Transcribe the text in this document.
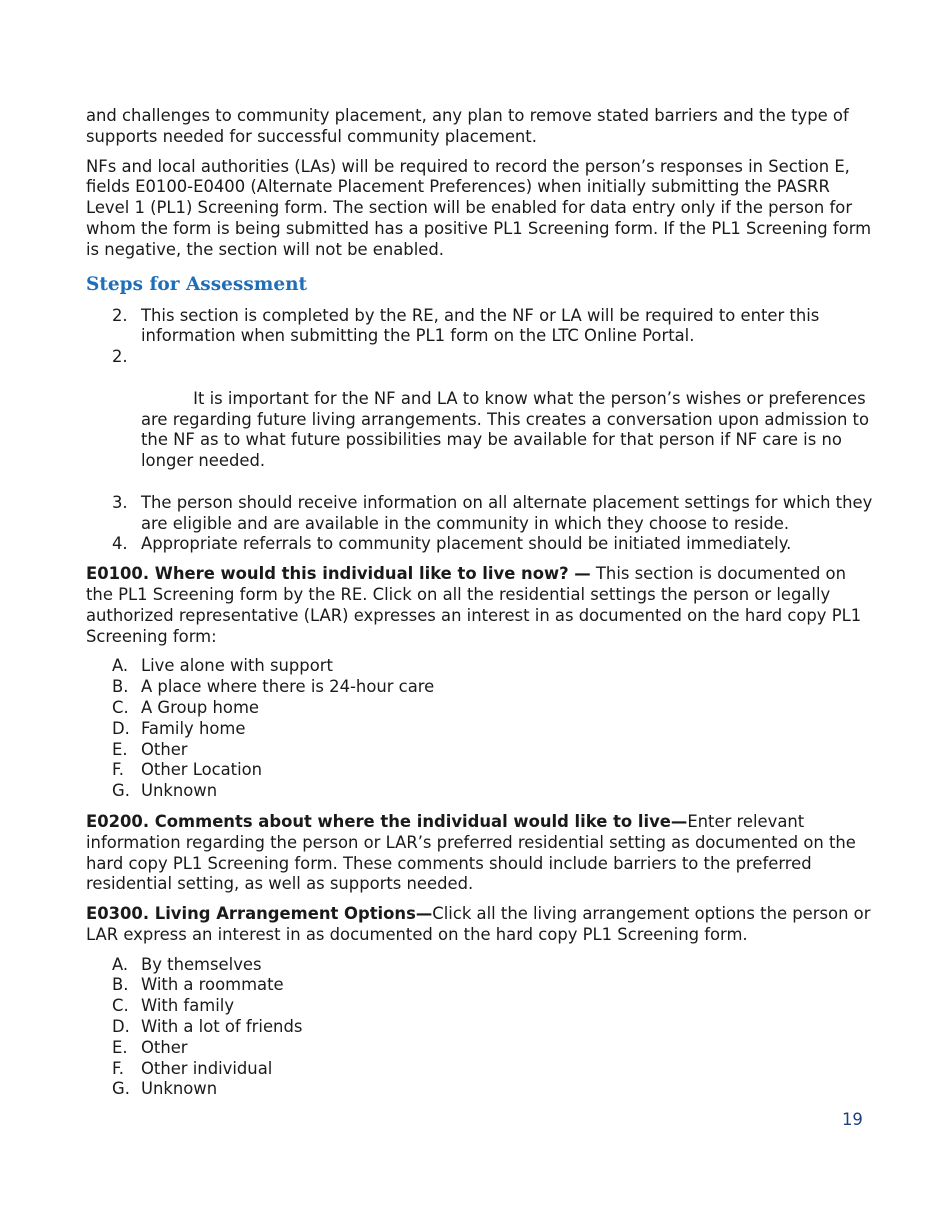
and challenges to community placement, any plan to remove stated barriers and the type of supports needed for successful community placement.

NFs and local authorities (LAs) will be required to record the person’s responses in Section E, fields E0100-E0400 (Alternate Placement Preferences) when initially submitting the PASRR Level 1 (PL1) Screening form. The section will be enabled for data entry only if the person for whom the form is being submitted has a positive PL1 Screening form. If the PL1 Screening form is negative, the section will not be enabled.

Steps for Assessment
2. This section is completed by the RE, and the NF or LA will be required to enter this information when submitting the PL1 form on the LTC Online Portal.

2.

It is important for the NF and LA to know what the person’s wishes or preferences are regarding future living arrangements. This creates a conversation upon admission to the NF as to what future possibilities may be available for that person if NF care is no longer needed.

3. The person should receive information on all alternate placement settings for which they are eligible and are available in the community in which they choose to reside.
4. Appropriate referrals to community placement should be initiated immediately.

E0100. Where would this individual like to live now? — This section is documented on the PL1 Screening form by the RE. Click on all the residential settings the person or legally authorized representative (LAR) expresses an interest in as documented on the hard copy PL1 Screening form:

A. Live alone with support
B. A place where there is 24-hour care
C. A Group home
D. Family home
E. Other
F. Other Location
G. Unknown

E0200. Comments about where the individual would like to live—Enter relevant information regarding the person or LAR’s preferred residential setting as documented on the hard copy PL1 Screening form. These comments should include barriers to the preferred residential setting, as well as supports needed.

E0300. Living Arrangement Options—Click all the living arrangement options the person or LAR express an interest in as documented on the hard copy PL1 Screening form.

A. By themselves
B. With a roommate
C. With family
D. With a lot of friends
E. Other
F. Other individual
G. Unknown
19
